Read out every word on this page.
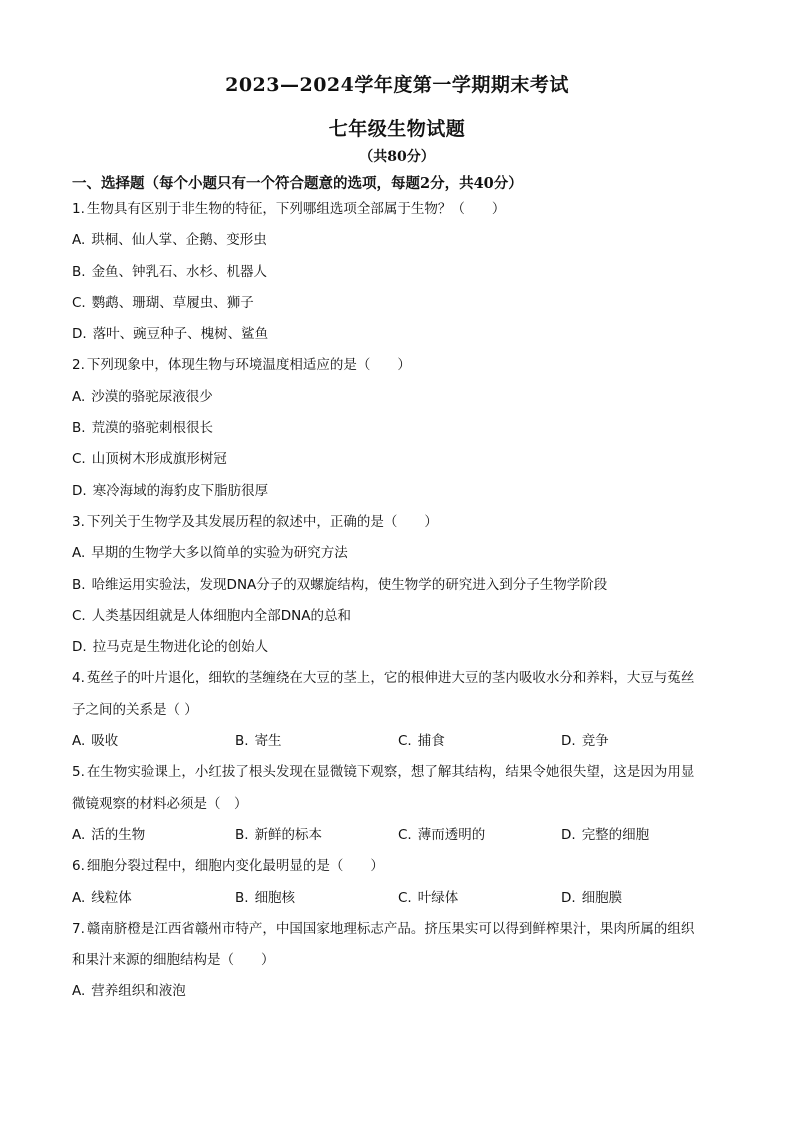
2023—2024学年度第一学期期末考试
七年级生物试题
（共80分）
一、选择题（每个小题只有一个符合题意的选项，每题2分，共40分）
1. 生物具有区别于非生物的特征，下列哪组选项全部属于生物？（　　）
A. 珙桐、仙人掌、企鹅、变形虫
B. 金鱼、钟乳石、水杉、机器人
C. 鹦鹉、珊瑚、草履虫、狮子
D. 落叶、豌豆种子、槐树、鲨鱼
2. 下列现象中，体现生物与环境温度相适应的是（　　）
A. 沙漠的骆驼尿液很少
B. 荒漠的骆驼刺根很长
C. 山顶树木形成旗形树冠
D. 寒冷海域的海豹皮下脂肪很厚
3. 下列关于生物学及其发展历程的叙述中，正确的是（　　）
A. 早期的生物学大多以简单的实验为研究方法
B. 哈维运用实验法，发现DNA分子的双螺旋结构，使生物学的研究进入到分子生物学阶段
C. 人类基因组就是人体细胞内全部DNA的总和
D. 拉马克是生物进化论的创始人
4. 菟丝子的叶片退化，细软的茎缠绕在大豆的茎上，它的根伸进大豆的茎内吸收水分和养料，大豆与菟丝
子之间的关系是（ ）
A. 吸收	B. 寄生	C. 捕食	D. 竞争
5. 在生物实验课上，小红拔了根头发现在显微镜下观察，想了解其结构，结果令她很失望，这是因为用显
微镜观察的材料必须是（　）
A. 活的生物	B. 新鲜的标本	C. 薄而透明的	D. 完整的细胞
6. 细胞分裂过程中，细胞内变化最明显的是（　　）
A. 线粒体	B. 细胞核	C. 叶绿体	D. 细胞膜
7. 赣南脐橙是江西省赣州市特产，中国国家地理标志产品。挤压果实可以得到鲜榨果汁，果肉所属的组织
和果汁来源的细胞结构是（　　）
A. 营养组织和液泡
